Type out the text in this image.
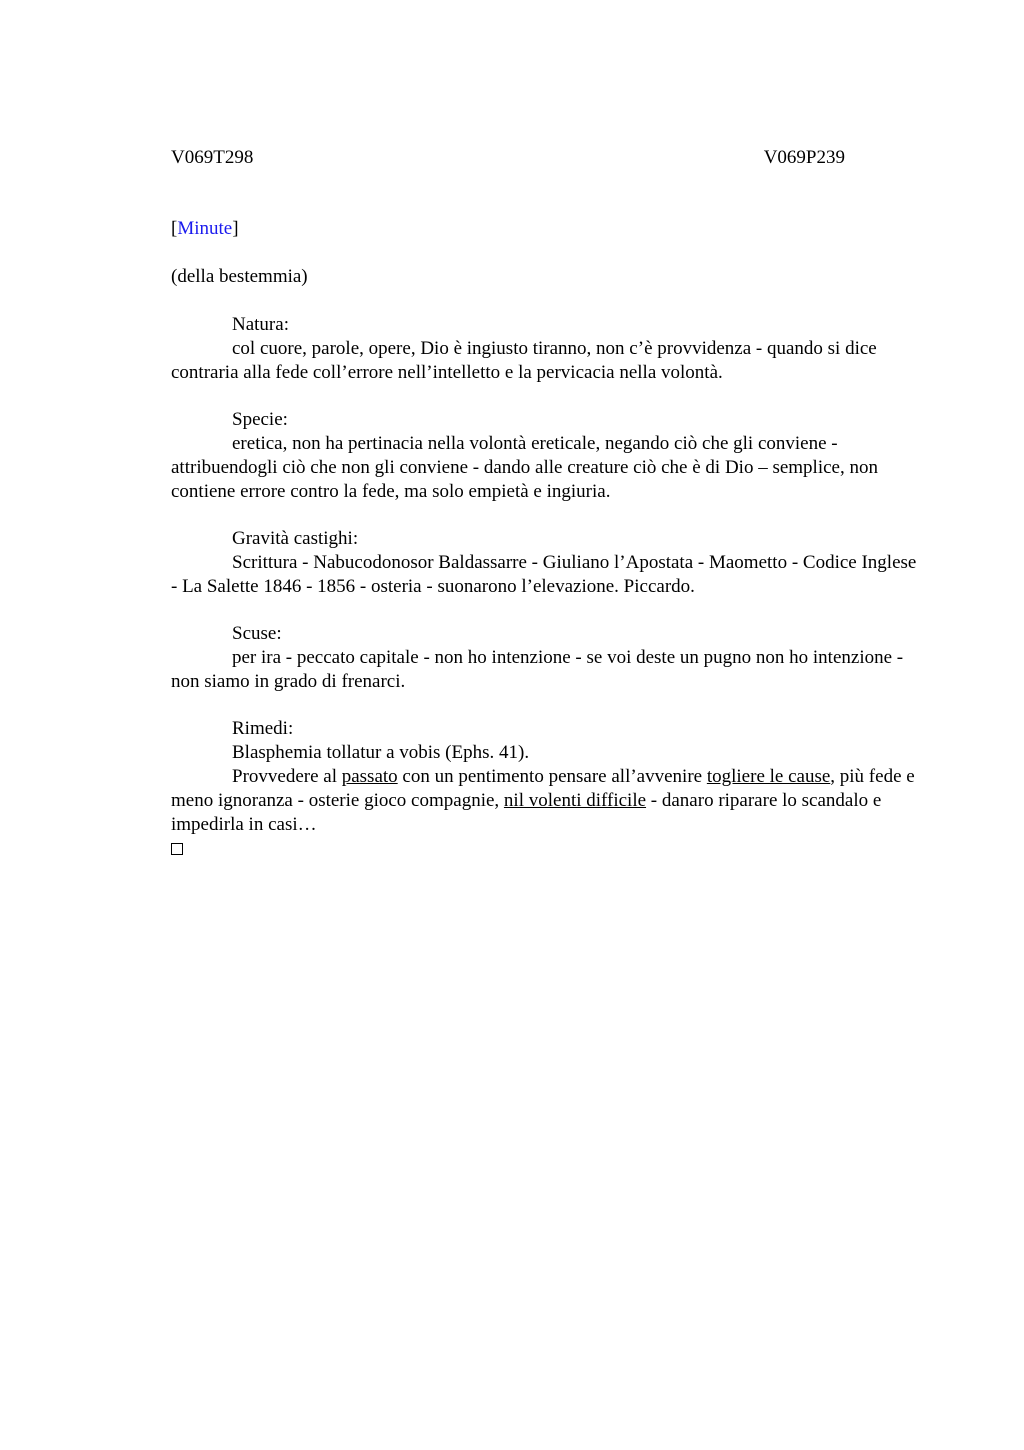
V069T298	V069P239
[Minute]
(della bestemmia)

Natura:

col cuore, parole, opere, Dio è ingiusto tiranno, non c’è provvidenza - quando si dice contraria alla fede coll’errore nell’intelletto e la pervicacia nella volontà.

Specie:

eretica, non ha pertinacia nella volontà ereticale, negando ciò che gli conviene - attribuendogli ciò che non gli conviene - dando alle creature ciò che è di Dio – semplice, non contiene errore contro la fede, ma solo empietà e ingiuria.

Gravità castighi:

Scrittura - Nabucodonosor Baldassarre - Giuliano l’Apostata - Maometto - Codice Inglese - La Salette 1846 - 1856 - osteria - suonarono l’elevazione. Piccardo.

Scuse:

per ira - peccato capitale - non ho intenzione - se voi deste un pugno non ho intenzione - non siamo in grado di frenarci.

Rimedi:

Blasphemia tollatur a vobis (Ephs. 41).

Provvedere al passato con un pentimento pensare all’avvenire togliere le cause, più fede e meno ignoranza - osterie gioco compagnie, nil volenti difficile - danaro riparare lo scandalo e impedirla in casi…
